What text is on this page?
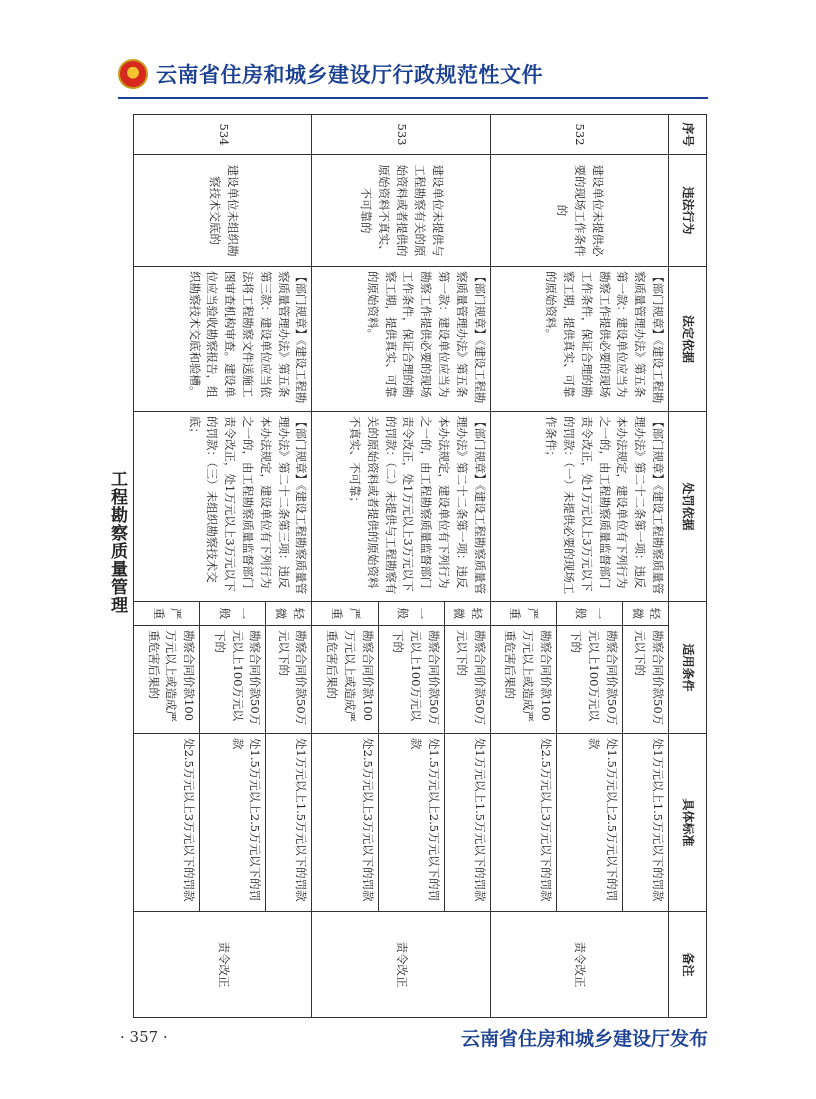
云南省住房和城乡建设厅行政规范性文件
工程勘察质量管理
序号	违法行为	法定依据	处罚依据	适用条件		具体标准	备注
532	建设单位未提供必要的现场工作条件的	【部门规章】《建设工程勘察质量管理办法》第五条第一款：建设单位应当为勘察工作提供必要的现场工作条件，保证合理的勘察工期，提供真实、可靠的原始资料。	【部门规章】《建设工程勘察质量管理办法》第二十二条第一项：违反本办法规定，建设单位有下列行为之一的，由工程勘察质量监督部门责令改正，处1万元以上3万元以下的罚款：（一）未提供必要的现场工作条件；	轻微	勘察合同价款50万元以下的	处1万元以上1.5万元以下的罚款	责令改正
				一般	勘察合同价款50万元以上100万元以下的	处1.5万元以上2.5万元以下的罚款	
				严重	勘察合同价款100万元以上或造成严重危害后果的	处2.5万元以上3万元以下的罚款	
533	建设单位未提供与工程勘察有关的原始资料或者提供的原始资料不真实、不可靠的	【部门规章】《建设工程勘察质量管理办法》第五条第一款：建设单位应当为勘察工作提供必要的现场工作条件，保证合理的勘察工期，提供真实、可靠的原始资料。	【部门规章】《建设工程勘察质量管理办法》第二十二条第一项：违反本办法规定，建设单位有下列行为之一的，由工程勘察质量监督部门责令改正，处1万元以上3万元以下的罚款：（二）未提供与工程勘察有关的原始资料或者提供的原始资料不真实、不可靠；	轻微	勘察合同价款50万元以下的	处1万元以上1.5万元以下的罚款	责令改正
				一般	勘察合同价款50万元以上100万元以下的	处1.5万元以上2.5万元以下的罚款	
				严重	勘察合同价款100万元以上或造成严重危害后果的	处2.5万元以上3万元以下的罚款	
534	建设单位未组织勘察技术交底的	【部门规章】《建设工程勘察质量管理办法》第五条第三款：建设单位应当依法将工程勘察文件送施工图审查机构审查。建设单位应当验收勘察报告，组织勘察技术交底和验槽。	【部门规章】《建设工程勘察质量管理办法》第二十二条第三项：违反本办法规定，建设单位有下列行为之一的，由工程勘察质量监督部门责令改正，处1万元以上3万元以下的罚款：（三）未组织勘察技术交底；	轻微	勘察合同价款50万元以下的	处1万元以上1.5万元以下的罚款	责令改正
				一般	勘察合同价款50万元以上100万元以下的	处1.5万元以上2.5万元以下的罚款	
				严重	勘察合同价款100万元以上或造成严重危害后果的	处2.5万元以上3万元以下的罚款	
· 357 ·	云南省住房和城乡建设厅发布
